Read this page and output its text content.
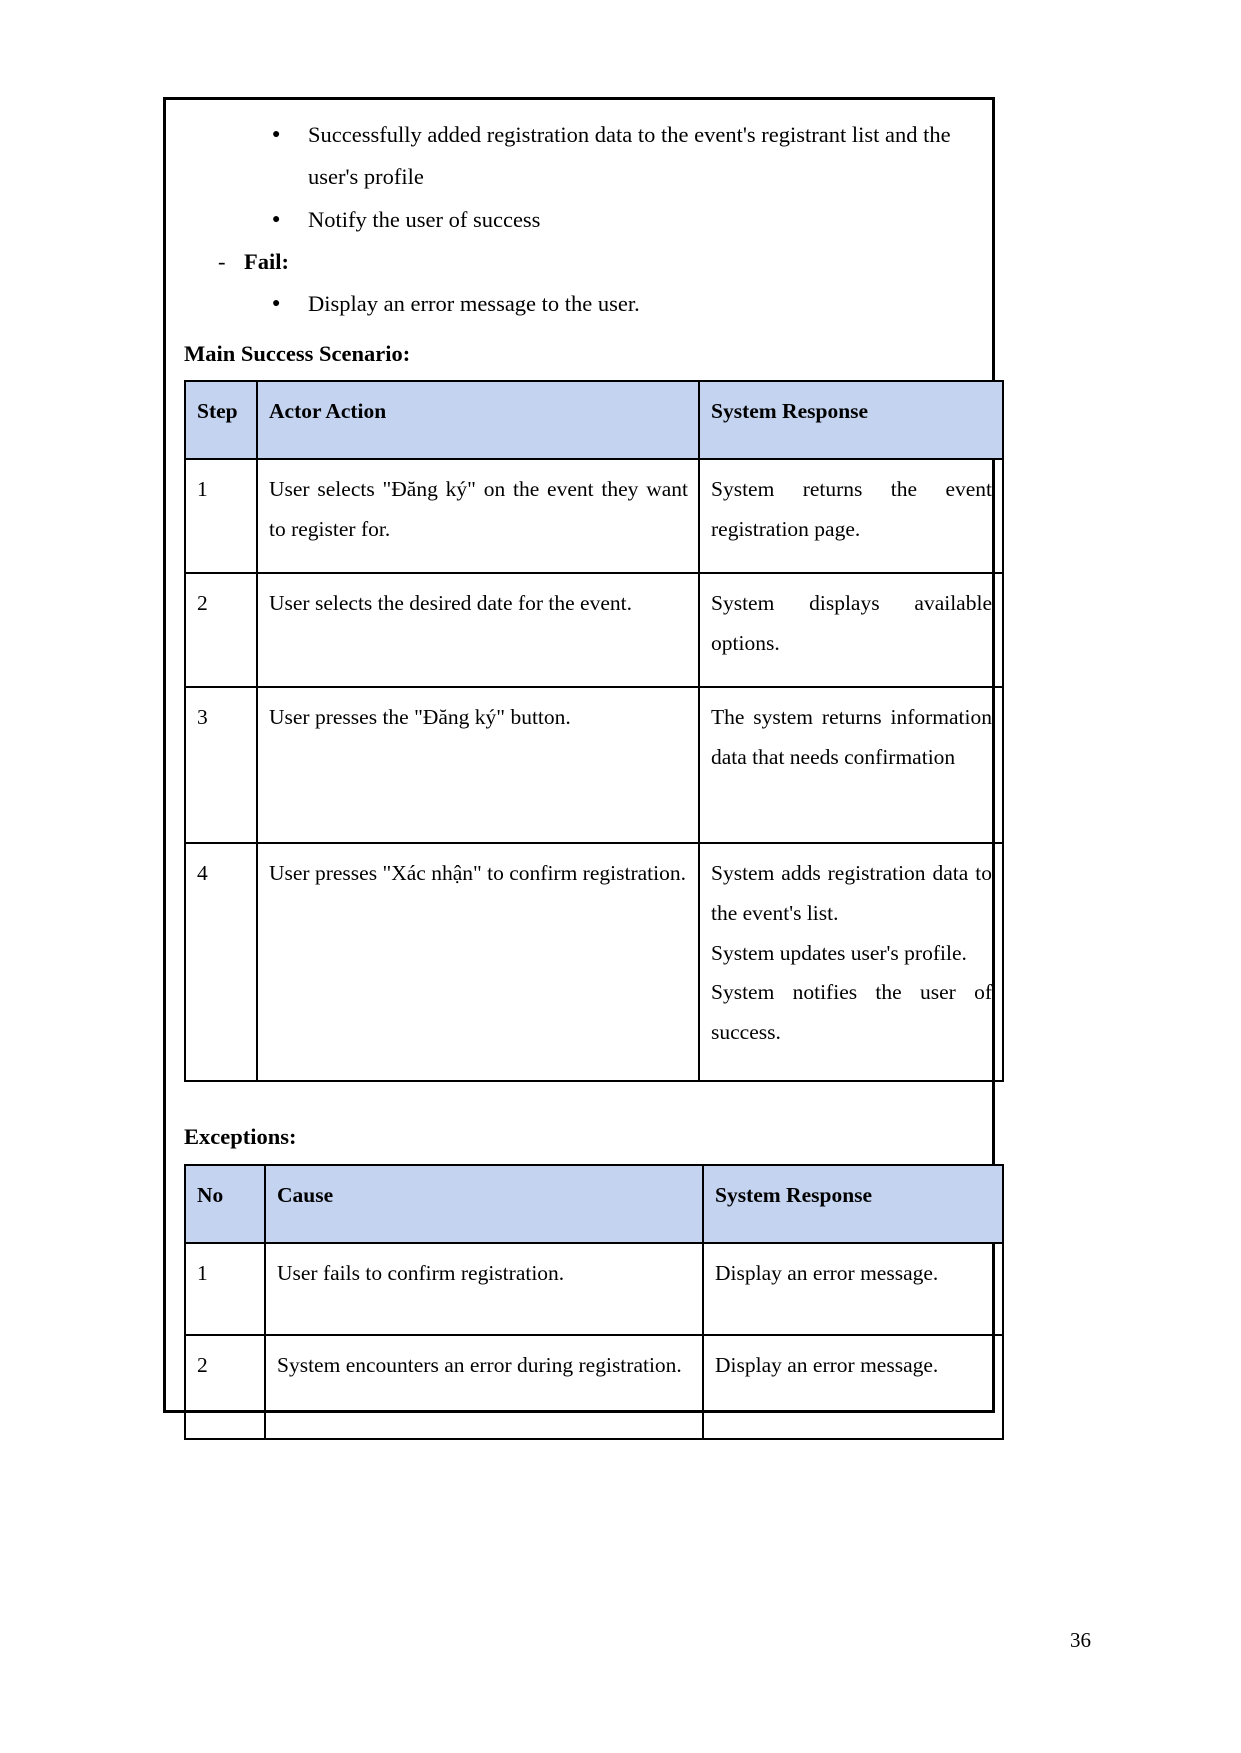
● Successfully added registration data to the event's registrant list and the user's profile
● Notify the user of success
- Fail:
● Display an error message to the user.
Main Success Scenario:
Step	Actor Action	System Response
1	User selects "Đăng ký" on the event they want to register for.	System returns the event registration page.
2	User selects the desired date for the event.	System displays available options.
3	User presses the "Đăng ký" button.	The system returns information data that needs confirmation
4	User presses "Xác nhận" to confirm registration.	System adds registration data to the event's list.
System updates user's profile.
System notifies the user of success.
Exceptions:
No	Cause	System Response
1	User fails to confirm registration.	Display an error message.
2	System encounters an error during registration.	Display an error message.
36
